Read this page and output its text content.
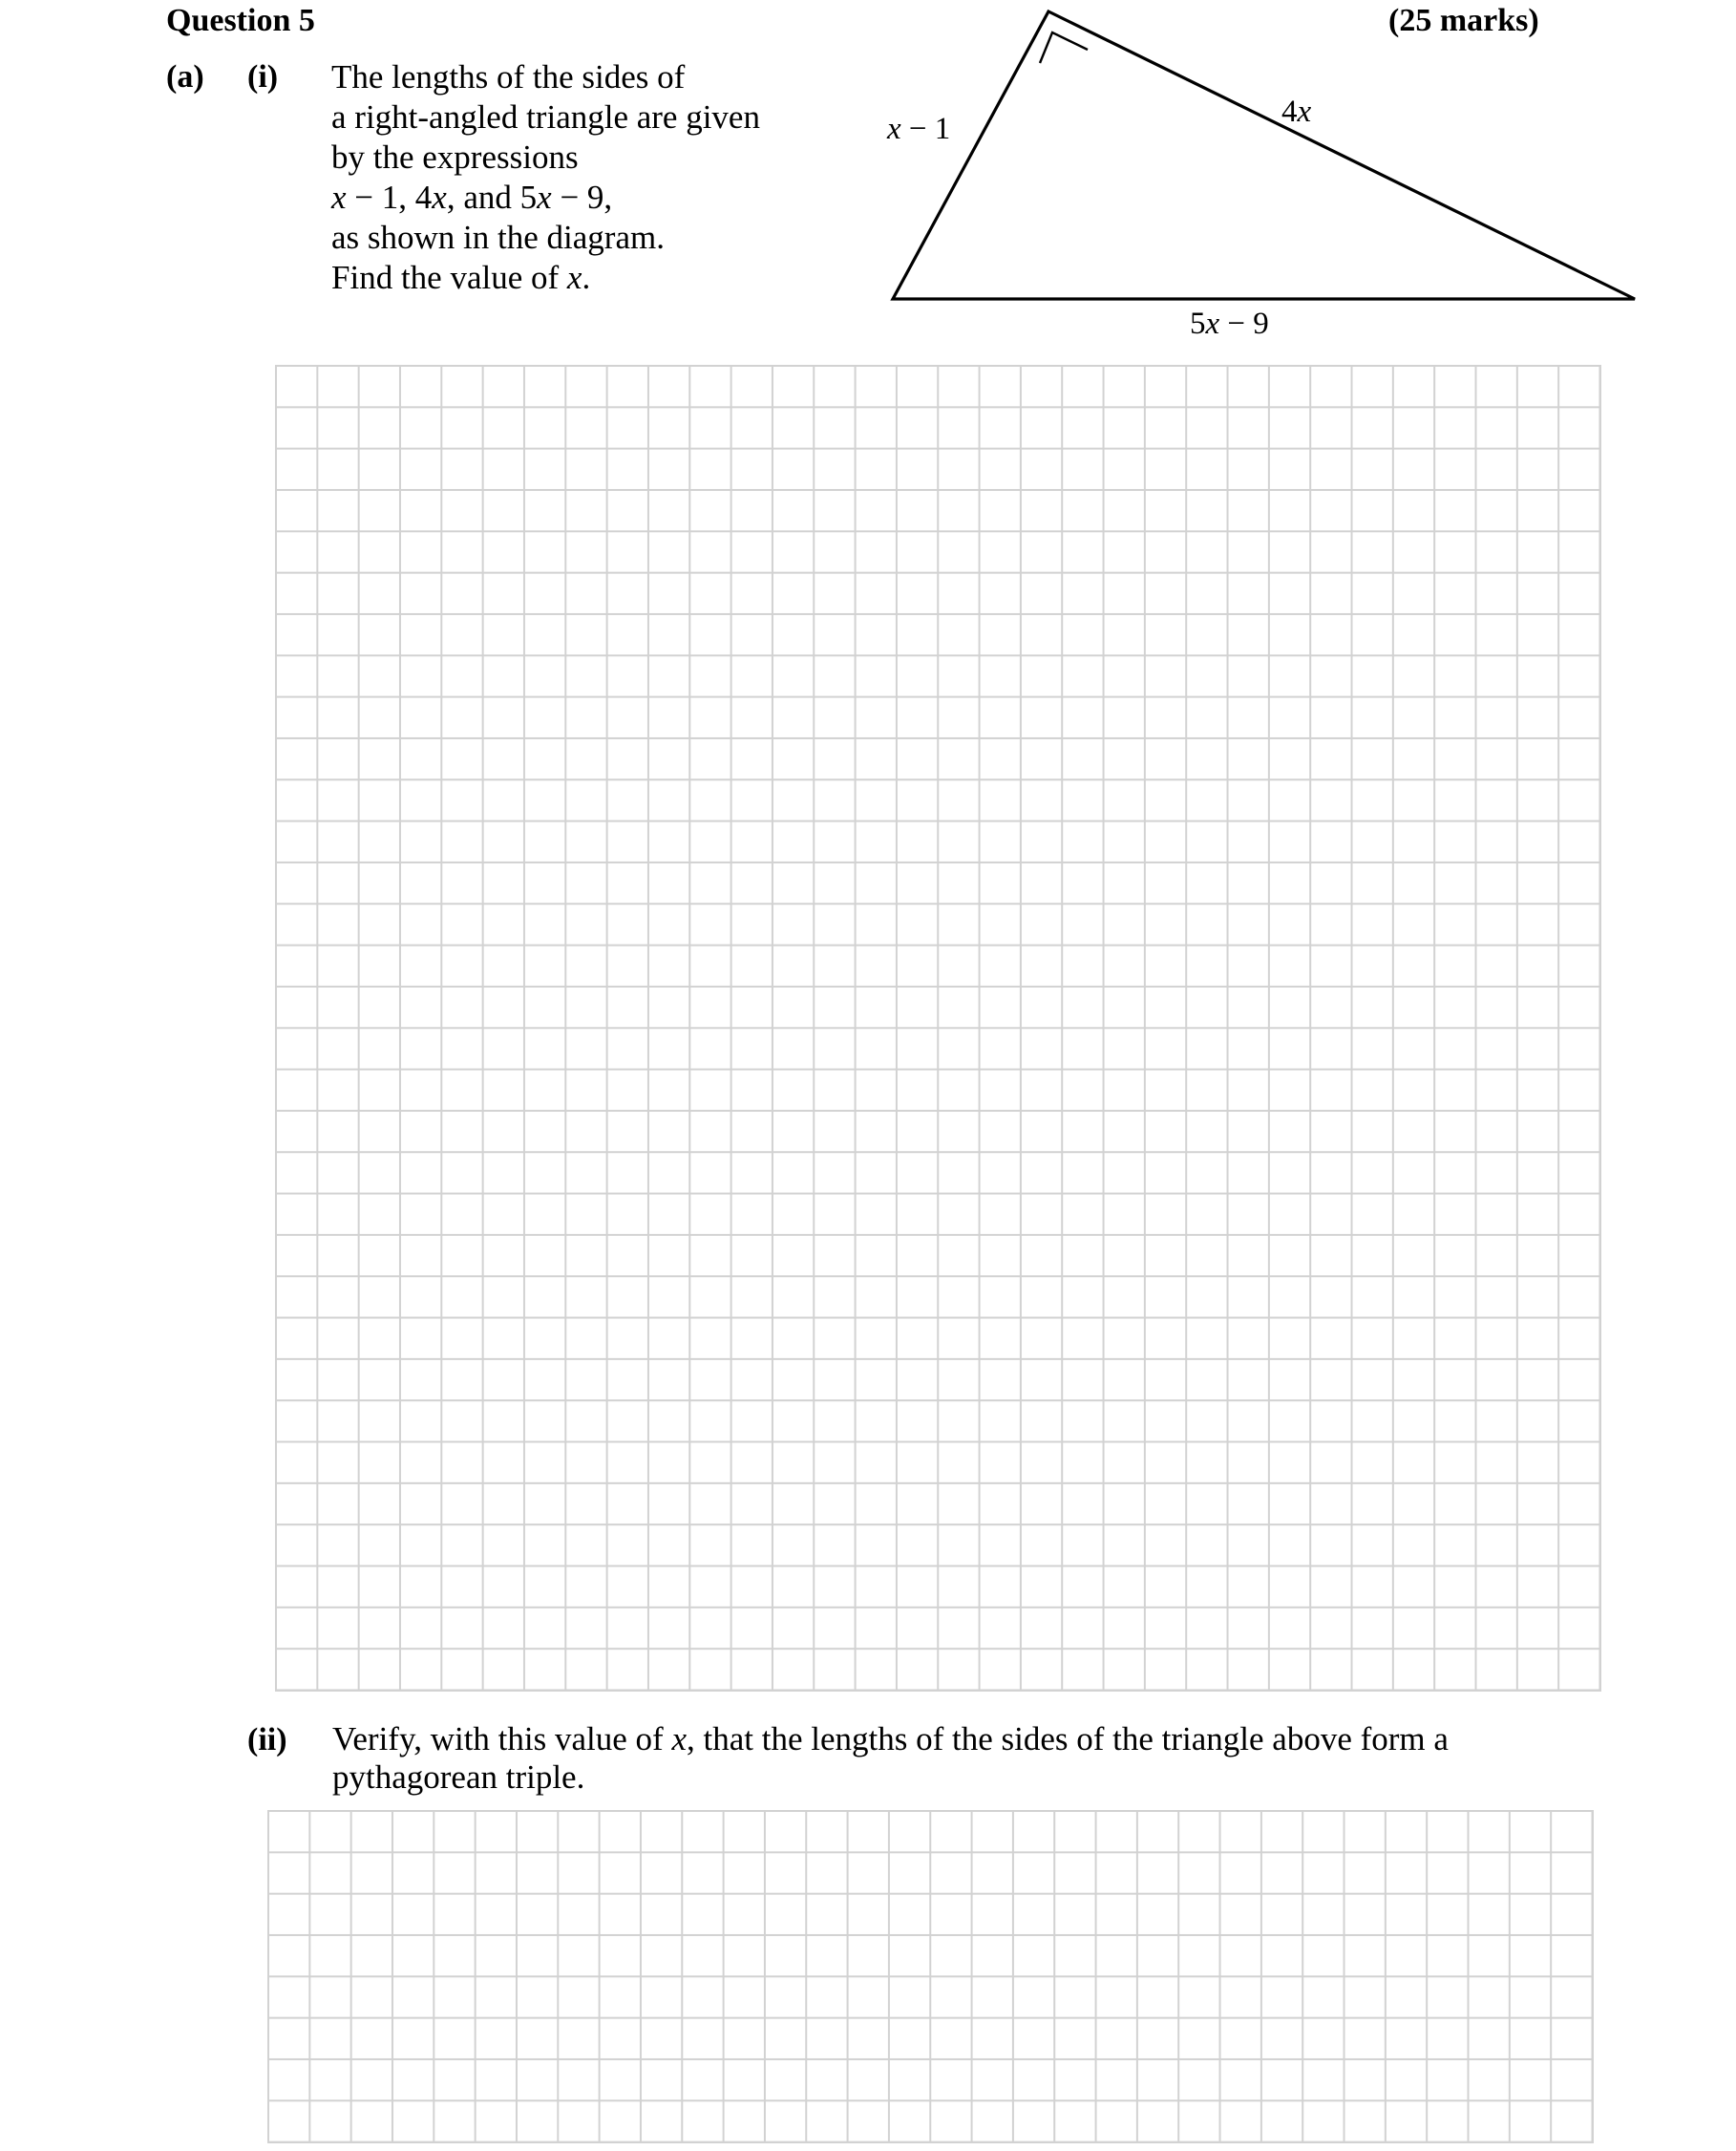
Question 5	(25 marks)
(a) (i) The lengths of the sides of
a right-angled triangle are given
by the expressions
x − 1, 4x, and 5x − 9,
as shown in the diagram.
Find the value of x.
x − 1	4x
5x − 9
(ii) Verify, with this value of x, that the lengths of the sides of the triangle above form a
pythagorean triple.
